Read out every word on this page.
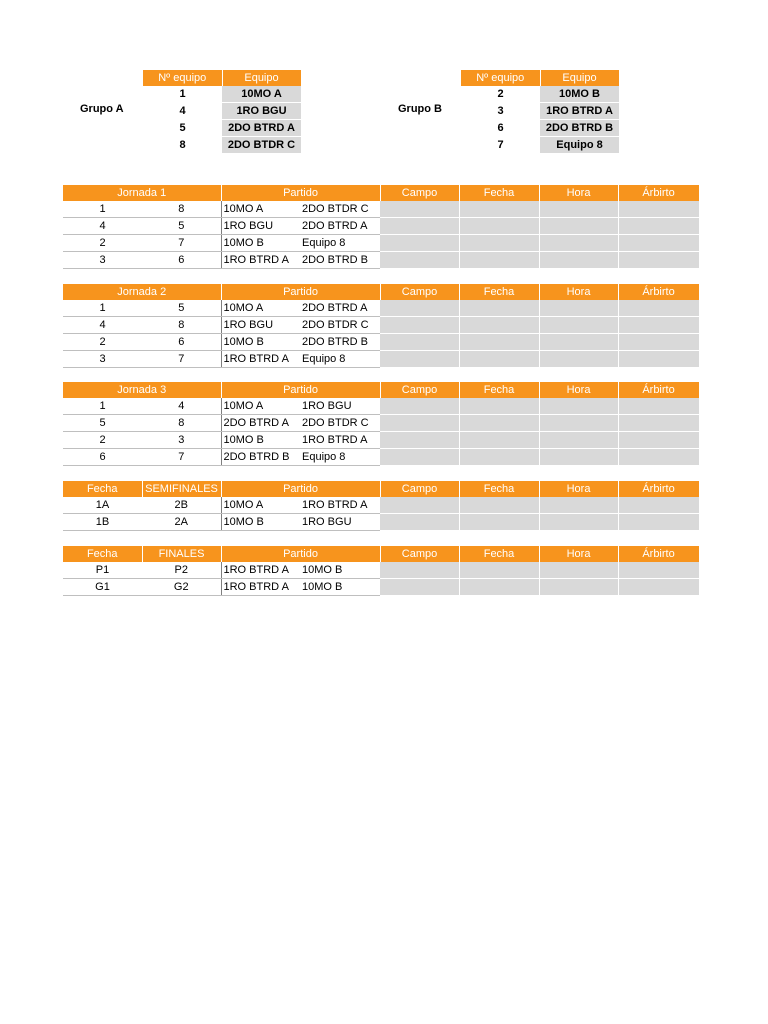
Grupo A
Nº equipo	Equipo
1	10MO A
4	1RO BGU
5	2DO BTRD A
8	2DO BTDR C
Grupo B
Nº equipo	Equipo
2	10MO B
3	1RO BTRD A
6	2DO BTRD B
7	Equipo 8
Jornada 1		Partido		Campo	Fecha	Hora	Árbirto
1	8	10MO A	2DO BTDR C				
4	5	1RO BGU	2DO BTRD A				
2	7	10MO B	Equipo 8				
3	6	1RO BTRD A	2DO BTRD B				
Jornada 2		Partido		Campo	Fecha	Hora	Árbirto
1	5	10MO A	2DO BTRD A				
4	8	1RO BGU	2DO BTDR C				
2	6	10MO B	2DO BTRD B				
3	7	1RO BTRD A	Equipo 8				
Jornada 3		Partido		Campo	Fecha	Hora	Árbirto
1	4	10MO A	1RO BGU				
5	8	2DO BTRD A	2DO BTDR C				
2	3	10MO B	1RO BTRD A				
6	7	2DO BTRD B	Equipo 8				
Fecha	SEMIFINALES	Partido		Campo	Fecha	Hora	Árbirto
1A	2B	10MO A	1RO BTRD A				
1B	2A	10MO B	1RO BGU				
Fecha	FINALES	Partido		Campo	Fecha	Hora	Árbirto
P1	P2	1RO BTRD A	10MO B				
G1	G2	1RO BTRD A	10MO B				
